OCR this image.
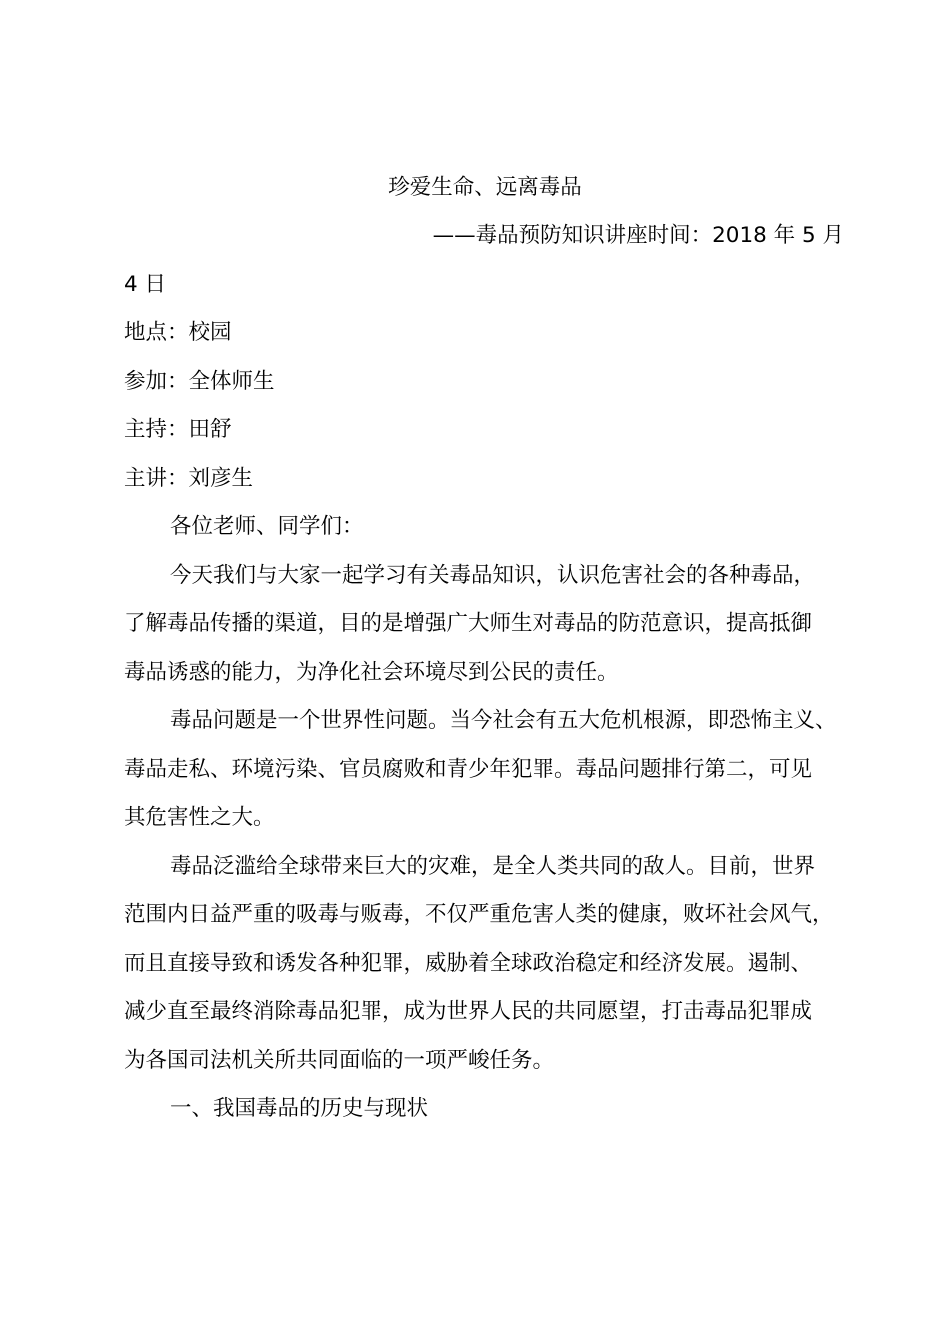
珍爱生命、远离毒品
——毒品预防知识讲座时间：2018 年 5 月
4 日
地点：校园
参加：全体师生
主持：田舒
主讲：刘彦生
各位老师、同学们：
今天我们与大家一起学习有关毒品知识，认识危害社会的各种毒品，
了解毒品传播的渠道，目的是增强广大师生对毒品的防范意识，提高抵御
毒品诱惑的能力，为净化社会环境尽到公民的责任。
毒品问题是一个世界性问题。当今社会有五大危机根源，即恐怖主义、
毒品走私、环境污染、官员腐败和青少年犯罪。毒品问题排行第二，可见
其危害性之大。
毒品泛滥给全球带来巨大的灾难，是全人类共同的敌人。目前，世界
范围内日益严重的吸毒与贩毒，不仅严重危害人类的健康，败坏社会风气，
而且直接导致和诱发各种犯罪，威胁着全球政治稳定和经济发展。遏制、
减少直至最终消除毒品犯罪，成为世界人民的共同愿望，打击毒品犯罪成
为各国司法机关所共同面临的一项严峻任务。
一、我国毒品的历史与现状
